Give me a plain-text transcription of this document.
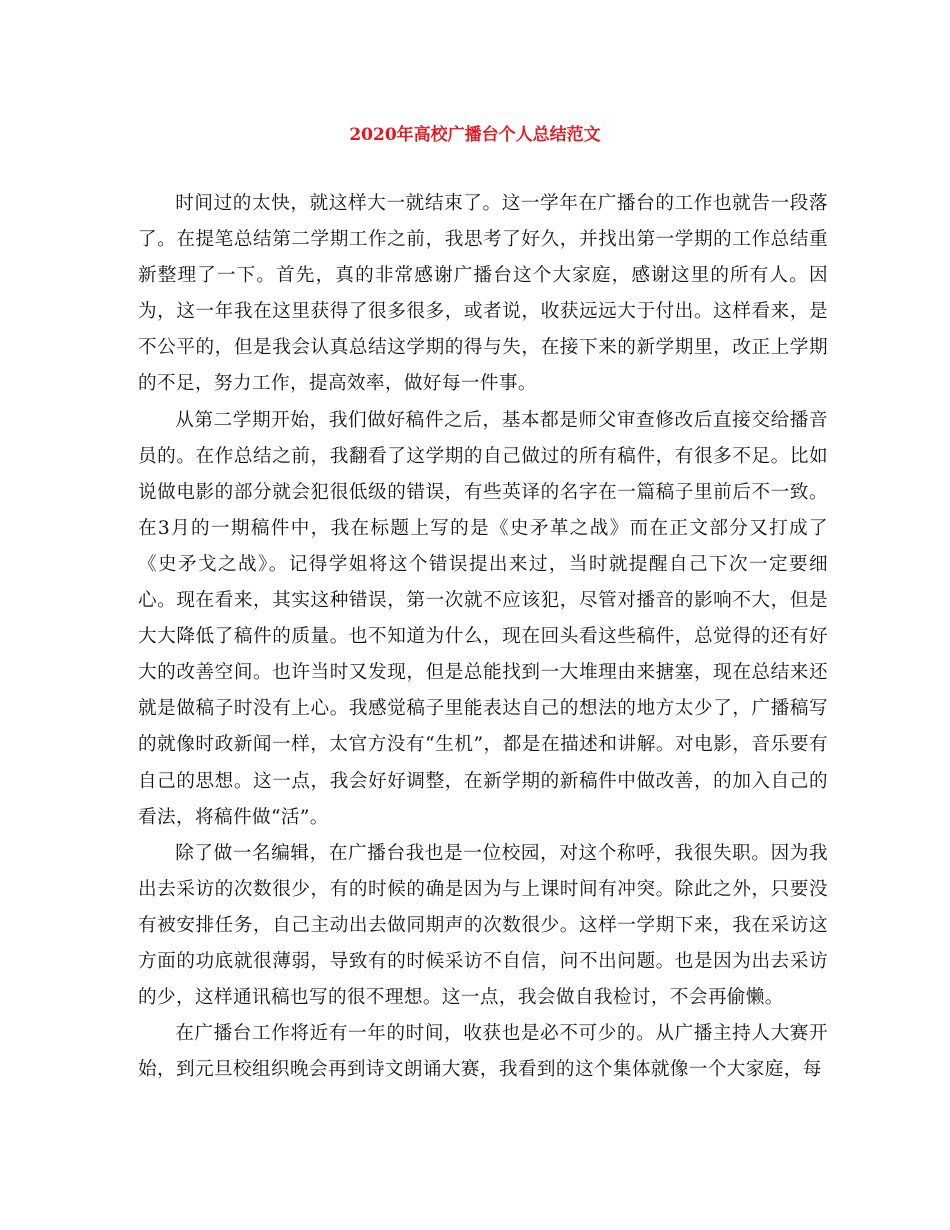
2020年高校广播台个人总结范文

时间过的太快，就这样大一就结束了。这一学年在广播台的工作也就告一段落了。在提笔总结第二学期工作之前，我思考了好久，并找出第一学期的工作总结重新整理了一下。首先，真的非常感谢广播台这个大家庭，感谢这里的所有人。因为，这一年我在这里获得了很多很多，或者说，收获远远大于付出。这样看来，是不公平的，但是我会认真总结这学期的得与失，在接下来的新学期里，改正上学期的不足，努力工作，提高效率，做好每一件事。

从第二学期开始，我们做好稿件之后，基本都是师父审查修改后直接交给播音员的。在作总结之前，我翻看了这学期的自己做过的所有稿件，有很多不足。比如说做电影的部分就会犯很低级的错误，有些英译的名字在一篇稿子里前后不一致。在3月的一期稿件中，我在标题上写的是《史矛革之战》而在正文部分又打成了《史矛戈之战》。记得学姐将这个错误提出来过，当时就提醒自己下次一定要细心。现在看来，其实这种错误，第一次就不应该犯，尽管对播音的影响不大，但是大大降低了稿件的质量。也不知道为什么，现在回头看这些稿件，总觉得的还有好大的改善空间。也许当时又发现，但是总能找到一大堆理由来搪塞，现在总结来还就是做稿子时没有上心。我感觉稿子里能表达自己的想法的地方太少了，广播稿写的就像时政新闻一样，太官方没有“生机”，都是在描述和讲解。对电影，音乐要有自己的思想。这一点，我会好好调整，在新学期的新稿件中做改善，的加入自己的看法，将稿件做“活”。

除了做一名编辑，在广播台我也是一位校园，对这个称呼，我很失职。因为我出去采访的次数很少，有的时候的确是因为与上课时间有冲突。除此之外，只要没有被安排任务，自己主动出去做同期声的次数很少。这样一学期下来，我在采访这方面的功底就很薄弱，导致有的时候采访不自信，问不出问题。也是因为出去采访的少，这样通讯稿也写的很不理想。这一点，我会做自我检讨，不会再偷懒。

在广播台工作将近有一年的时间，收获也是必不可少的。从广播主持人大赛开始，到元旦校组织晚会再到诗文朗诵大赛，我看到的这个集体就像一个大家庭，每
